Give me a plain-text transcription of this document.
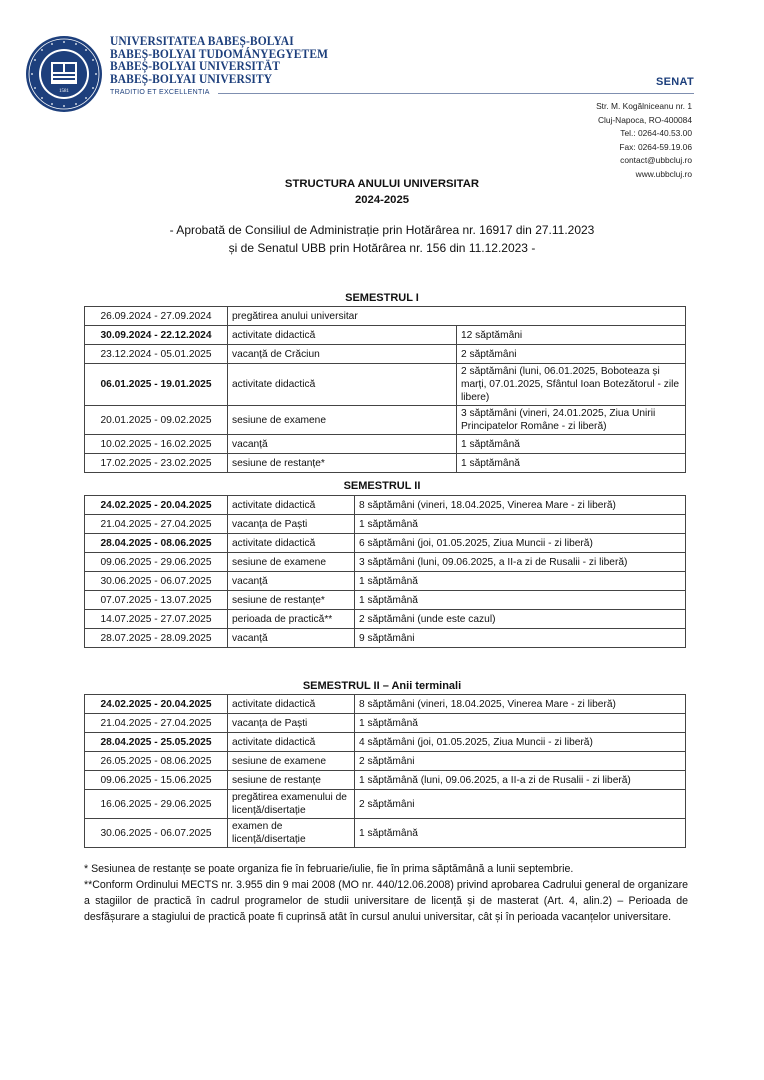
1581
UNIVERSITATEA BABEȘ-BOLYAI
BABEȘ-BOLYAI TUDOMÁNYEGYETEM
BABEȘ-BOLYAI UNIVERSITÄT
BABEȘ-BOLYAI UNIVERSITY
TRADITIO ET EXCELLENTIA
SENAT
Str. M. Kogălniceanu nr. 1
Cluj-Napoca, RO-400084
Tel.: 0264-40.53.00
Fax: 0264-59.19.06
contact@ubbcluj.ro
www.ubbcluj.ro
STRUCTURA ANULUI UNIVERSITAR
2024-2025
- Aprobată de Consiliul de Administrație prin Hotărârea nr. 16917 din 27.11.2023
și de Senatul UBB prin Hotărârea nr. 156 din 11.12.2023 -
SEMESTRUL I
26.09.2024 - 27.09.2024	pregătirea anului universitar	
30.09.2024 - 22.12.2024	activitate didactică	12 săptămâni
23.12.2024 - 05.01.2025	vacanță de Crăciun	2 săptămâni
06.01.2025 - 19.01.2025	activitate didactică	2 săptămâni (luni, 06.01.2025, Boboteaza și marți, 07.01.2025, Sfântul Ioan Botezătorul - zile libere)
20.01.2025 - 09.02.2025	sesiune de examene	3 săptămâni (vineri, 24.01.2025, Ziua Unirii Principatelor Române - zi liberă)
10.02.2025 - 16.02.2025	vacanță	1 săptămână
17.02.2025 - 23.02.2025	sesiune de restanțe*	1 săptămână
SEMESTRUL II
24.02.2025 - 20.04.2025	activitate didactică	8 săptămâni (vineri, 18.04.2025, Vinerea Mare - zi liberă)
21.04.2025 - 27.04.2025	vacanța de Paști	1 săptămână
28.04.2025 - 08.06.2025	activitate didactică	6 săptămâni (joi, 01.05.2025, Ziua Muncii - zi liberă)
09.06.2025 - 29.06.2025	sesiune de examene	3 săptămâni (luni, 09.06.2025, a II-a zi de Rusalii - zi liberă)
30.06.2025 - 06.07.2025	vacanță	1 săptămână
07.07.2025 - 13.07.2025	sesiune de restanțe*	1 săptămână
14.07.2025 - 27.07.2025	perioada de practică**	2 săptămâni (unde este cazul)
28.07.2025 - 28.09.2025	vacanță	9 săptămâni
SEMESTRUL II – Anii terminali
24.02.2025 - 20.04.2025	activitate didactică	8 săptămâni (vineri, 18.04.2025, Vinerea Mare - zi liberă)
21.04.2025 - 27.04.2025	vacanța de Paști	1 săptămână
28.04.2025 - 25.05.2025	activitate didactică	4 săptămâni (joi, 01.05.2025, Ziua Muncii - zi liberă)
26.05.2025 - 08.06.2025	sesiune de examene	2 săptămâni
09.06.2025 - 15.06.2025	sesiune de restanțe	1 săptămână (luni, 09.06.2025, a II-a zi de Rusalii - zi liberă)
16.06.2025 - 29.06.2025	pregătirea examenului de licență/disertație	2 săptămâni
30.06.2025 - 06.07.2025	examen de licență/disertație	1 săptămână

* Sesiunea de restanțe se poate organiza fie în februarie/iulie, fie în prima săptămână a lunii septembrie.

**Conform Ordinului MECTS nr. 3.955 din 9 mai 2008 (MO nr. 440/12.06.2008) privind aprobarea Cadrului general de organizare a stagiilor de practică în cadrul programelor de studii universitare de licență și de masterat (Art. 4, alin.2) – Perioada de desfășurare a stagiului de practică poate fi cuprinsă atât în cursul anului universitar, cât și în perioada vacanțelor universitare.
